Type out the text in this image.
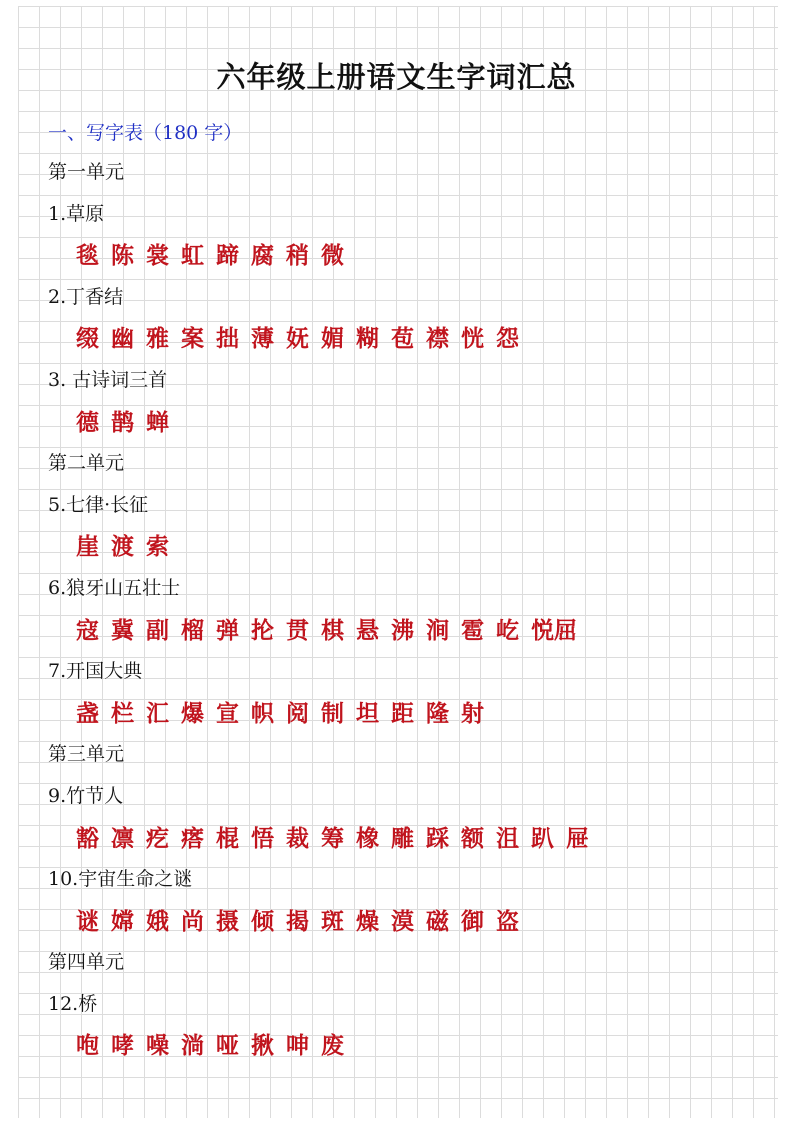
六年级上册语文生字词汇总
一、写字表（180 字）
第一单元
1.草原
毯 陈 裳 虹 蹄 腐 稍 微
2.丁香结
缀 幽 雅 案 拙 薄 妩 媚 糊 苞 襟 恍 怨
3. 古诗词三首
德 鹊 蝉
第二单元
5.七律·长征
崖 渡 索
6.狼牙山五壮士
寇 冀 副 榴 弹 抡 贯 棋 悬 沸 涧 雹 屹 悦屈
7.开国大典
盏 栏 汇 爆 宣 帜 阅 制 坦 距 隆 射
第三单元
9.竹节人
豁 凛 疙 瘩 棍 悟 裁 筹 橡 雕 踩 额 沮 趴 屉
10.宇宙生命之谜
谜 嫦 娥 尚 摄 倾 揭 斑 燥 漠 磁 御 盗
第四单元
12.桥
咆 哮 噪 淌 哑 揪 呻 废
